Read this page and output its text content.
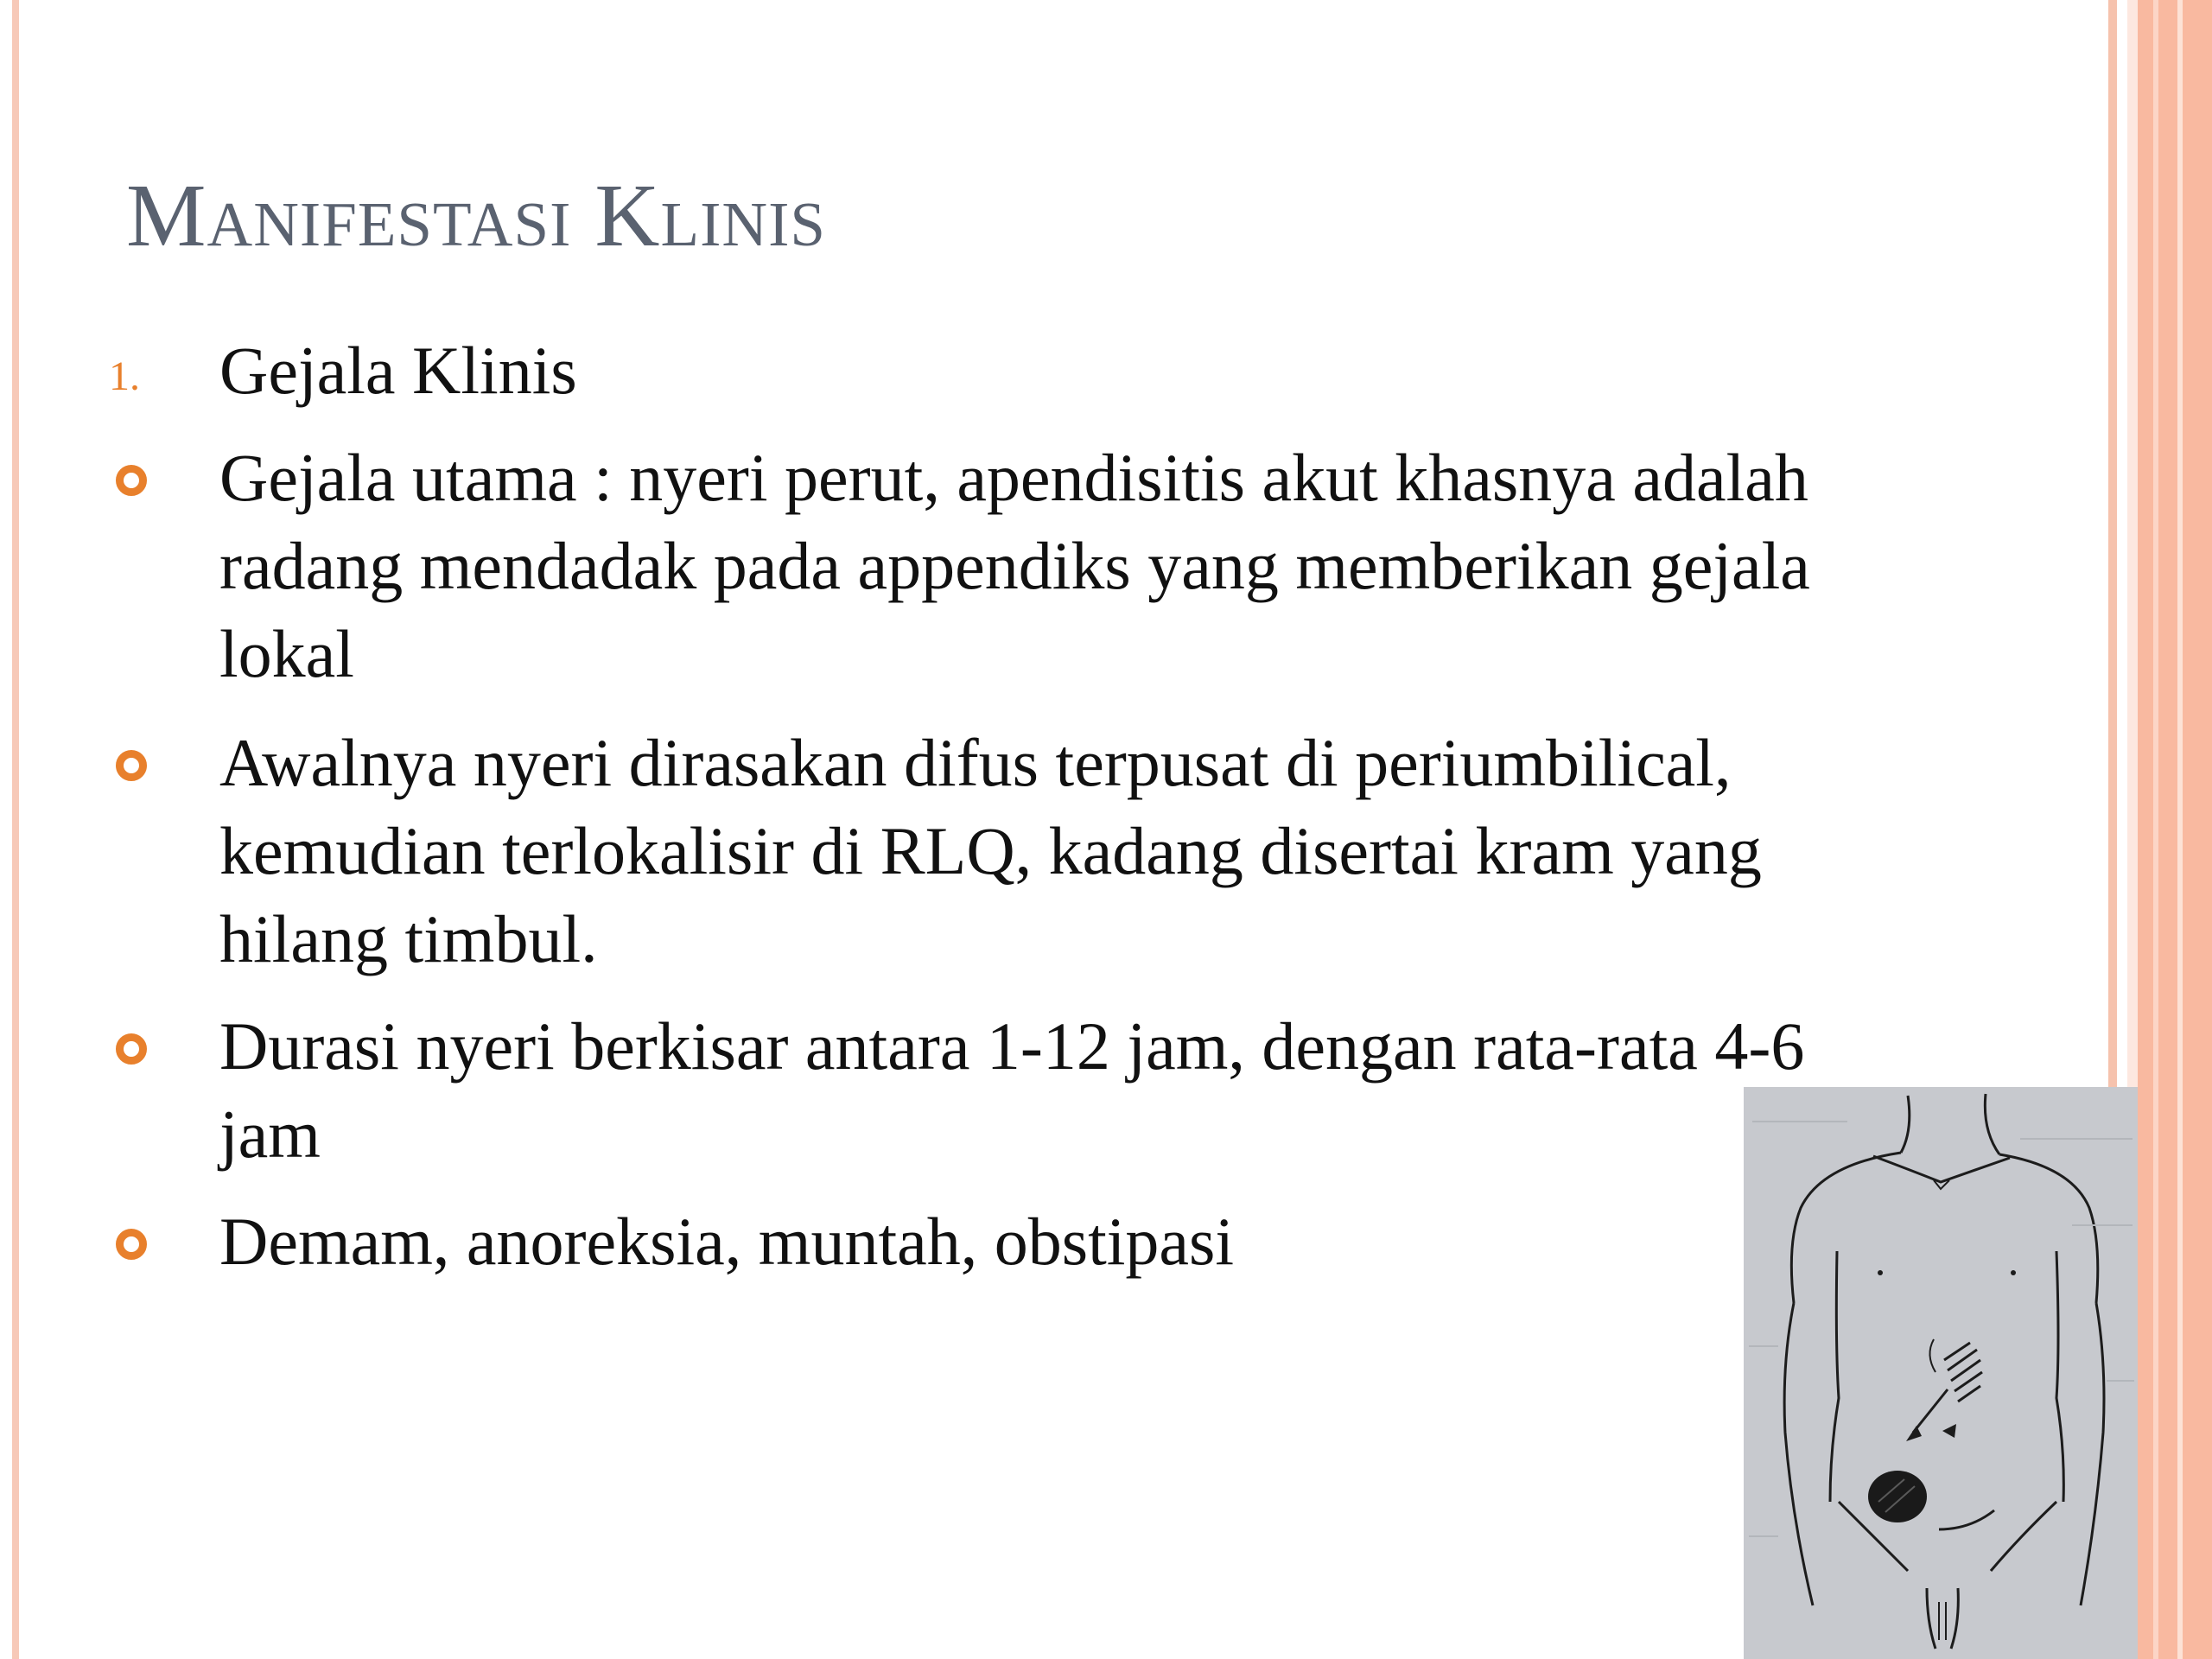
Manifestasi Klinis
1. Gejala Klinis
Gejala utama : nyeri perut, apendisitis akut khasnya adalah radang mendadak pada appendiks yang memberikan gejala lokal
Awalnya nyeri dirasakan difus terpusat di periumbilical, kemudian terlokalisir di RLQ, kadang disertai kram yang hilang timbul.
Durasi nyeri berkisar antara 1-12 jam, dengan rata-rata 4-6 jam
Demam, anoreksia, muntah, obstipasi
